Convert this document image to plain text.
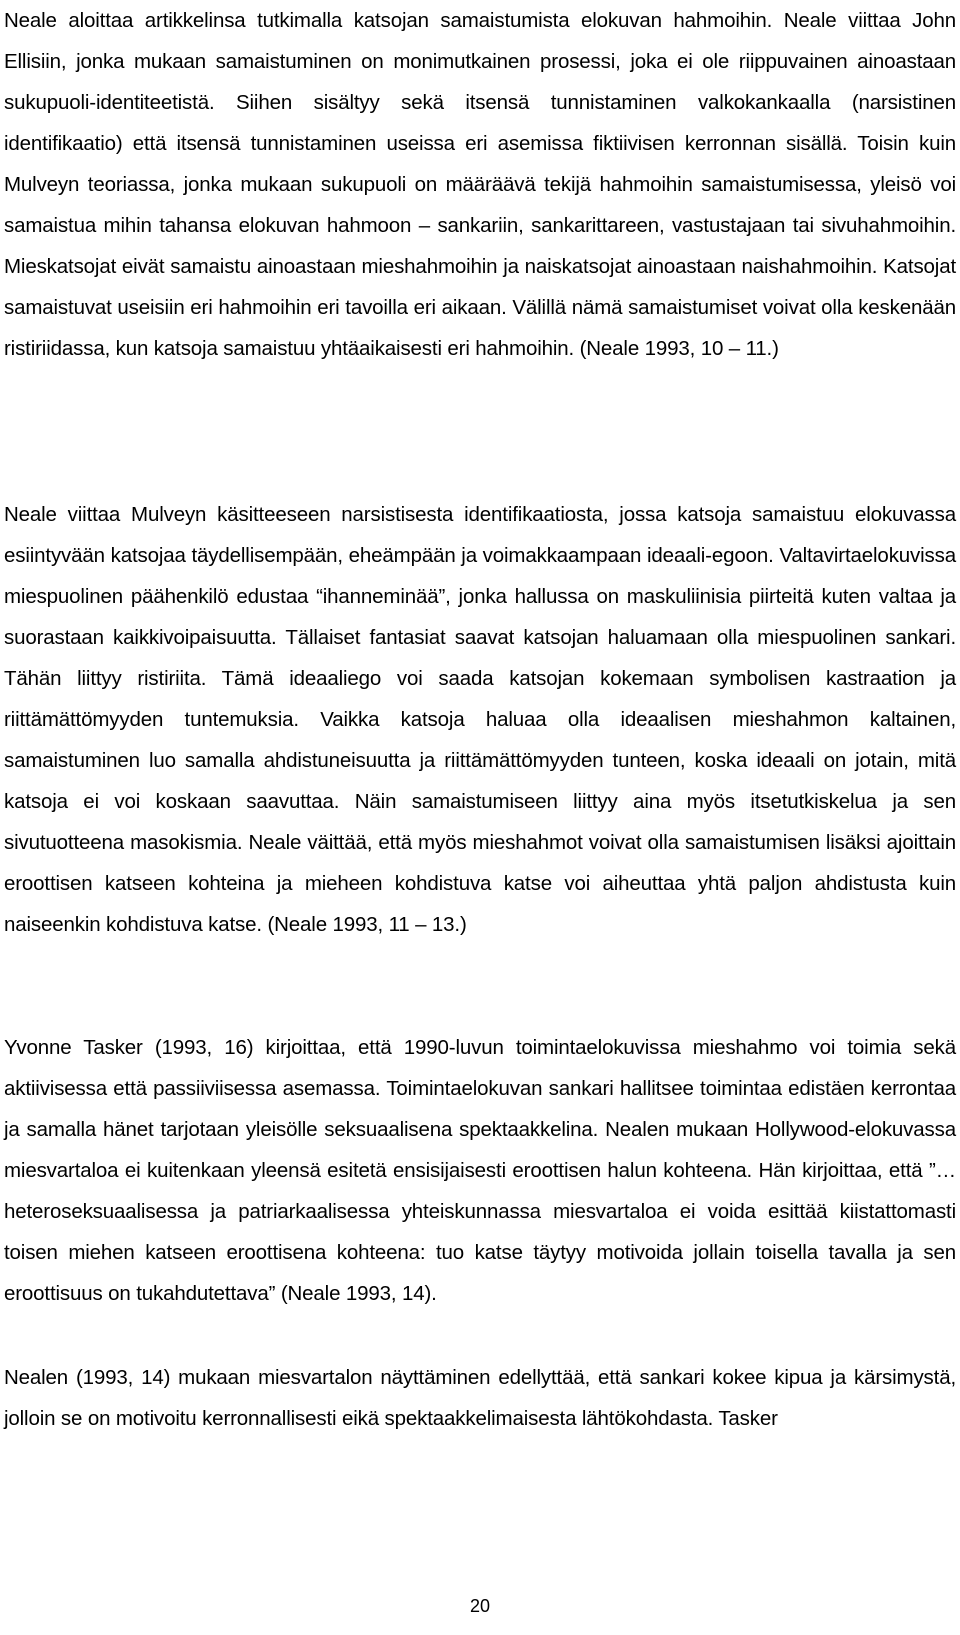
Neale aloittaa artikkelinsa tutkimalla katsojan samaistumista elokuvan hahmoihin. Neale viittaa John Ellisiin, jonka mukaan samaistuminen on monimutkainen prosessi, joka ei ole riippuvainen ainoastaan sukupuoli-identiteetistä. Siihen sisältyy sekä itsensä tunnistaminen valkokankaalla (narsistinen identifikaatio) että itsensä tunnistaminen useissa eri asemissa fiktiivisen kerronnan sisällä. Toisin kuin Mulveyn teoriassa, jonka mukaan sukupuoli on määräävä tekijä hahmoihin samaistumisessa, yleisö voi samaistua mihin tahansa elokuvan hahmoon – sankariin, sankarittareen, vastustajaan tai sivuhahmoihin. Mieskatsojat eivät samaistu ainoastaan mieshahmoihin ja naiskatsojat ainoastaan naishahmoihin. Katsojat samaistuvat useisiin eri hahmoihin eri tavoilla eri aikaan. Välillä nämä samaistumiset voivat olla keskenään ristiriidassa, kun katsoja samaistuu yhtäaikaisesti eri hahmoihin. (Neale 1993, 10 – 11.)

Neale viittaa Mulveyn käsitteeseen narsistisesta identifikaatiosta, jossa katsoja samaistuu elokuvassa esiintyvään katsojaa täydellisempään, eheämpään ja voimakkaampaan ideaali-egoon. Valtavirtaelokuvissa miespuolinen päähenkilö edustaa “ihanneminää”, jonka hallussa on maskuliinisia piirteitä kuten valtaa ja suorastaan kaikkivoipaisuutta. Tällaiset fantasiat saavat katsojan haluamaan olla miespuolinen sankari. Tähän liittyy ristiriita. Tämä ideaaliego voi saada katsojan kokemaan symbolisen kastraation ja riittämättömyyden tuntemuksia. Vaikka katsoja haluaa olla ideaalisen mieshahmon kaltainen, samaistuminen luo samalla ahdistuneisuutta ja riittämättömyyden tunteen, koska ideaali on jotain, mitä katsoja ei voi koskaan saavuttaa. Näin samaistumiseen liittyy aina myös itsetutkiskelua ja sen sivutuotteena masokismia. Neale väittää, että myös mieshahmot voivat olla samaistumisen lisäksi ajoittain eroottisen katseen kohteina ja mieheen kohdistuva katse voi aiheuttaa yhtä paljon ahdistusta kuin naiseenkin kohdistuva katse. (Neale 1993, 11 – 13.)

Yvonne Tasker (1993, 16) kirjoittaa, että 1990-luvun toimintaelokuvissa mieshahmo voi toimia sekä aktiivisessa että passiiviisessa asemassa. Toimintaelokuvan sankari hallitsee toimintaa edistäen kerrontaa ja samalla hänet tarjotaan yleisölle seksuaalisena spektaakkelina. Nealen mukaan Hollywood-elokuvassa miesvartaloa ei kuitenkaan yleensä esitetä ensisijaisesti eroottisen halun kohteena. Hän kirjoittaa, että ”…heteroseksuaalisessa ja patriarkaalisessa yhteiskunnassa miesvartaloa ei voida esittää kiistattomasti toisen miehen katseen eroottisena kohteena: tuo katse täytyy motivoida jollain toisella tavalla ja sen eroottisuus on tukahdutettava” (Neale 1993, 14).

Nealen (1993, 14) mukaan miesvartalon näyttäminen edellyttää, että sankari kokee kipua ja kärsimystä, jolloin se on motivoitu kerronnallisesti eikä spektaakkelimaisesta lähtökohdasta. Tasker

20
